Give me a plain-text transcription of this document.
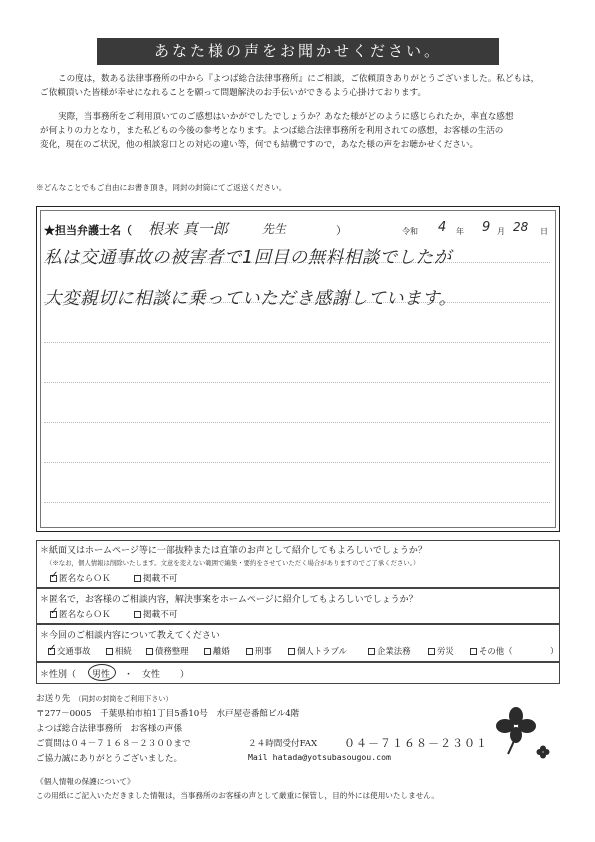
あなた様の声をお聞かせください。
この度は，数ある法律事務所の中から『よつば総合法律事務所』にご相談，ご依頼頂きありがとうございました。私どもは，
ご依頼頂いた皆様が幸せになれることを願って問題解決のお手伝いができるよう心掛けております。
実際，当事務所をご利用頂いてのご感想はいかがでしたでしょうか？あなた様がどのように感じられたか，率直な感想
が何よりの力となり，また私どもの今後の参考となります。よつば総合法律事務所を利用されての感想，お客様の生活の
変化，現在のご状況，他の相談窓口との対応の違い等，何でも結構ですので，あなた様の声をお聴かせください。
※どんなことでもご自由にお書き頂き，同封の封筒にてご返送ください。
★担当弁護士名（ 根来 真一郎	先生	）	令和 4 年 9 月 28 日
私は交通事故の被害者で1回目の無料相談でしたが
大変親切に相談に乗っていただき感謝しています。
＊紙面又はホームページ等に一部抜粋または直筆のお声として紹介してもよろしいでしょうか？
（※なお，個人情報は削除いたします。文意を変えない範囲で編集・要約をさせていただく場合がありますのでご了承ください。）
✓匿名ならＯＫ	掲載不可
＊匿名で，お客様のご相談内容，解決事案をホームページに紹介してもよろしいでしょうか？
✓匿名ならＯＫ	掲載不可
＊今回のご相談内容について教えてください
✓交通事故	相続	債務整理	離婚	刑事	個人トラブル	企業法務	労災	その他（	）
＊性別（ 男性 ・ 女性 ）
お送り先 （同封の封筒をご利用下さい）
〒277－0005　千葉県柏市柏1丁目5番10号　水戸屋壱番館ビル4階
よつば総合法律事務所　お客様の声係
ご質問は０４－７１６８－２３００まで
ご協力誠にありがとうございました。
２４時間受付FAX ０４－７１６８－２３０１
Mail hatada@yotsubasougou.com
《個人情報の保護について》
この用紙にご記入いただきました情報は，当事務所のお客様の声として厳重に保管し，目的外には使用いたしません。
